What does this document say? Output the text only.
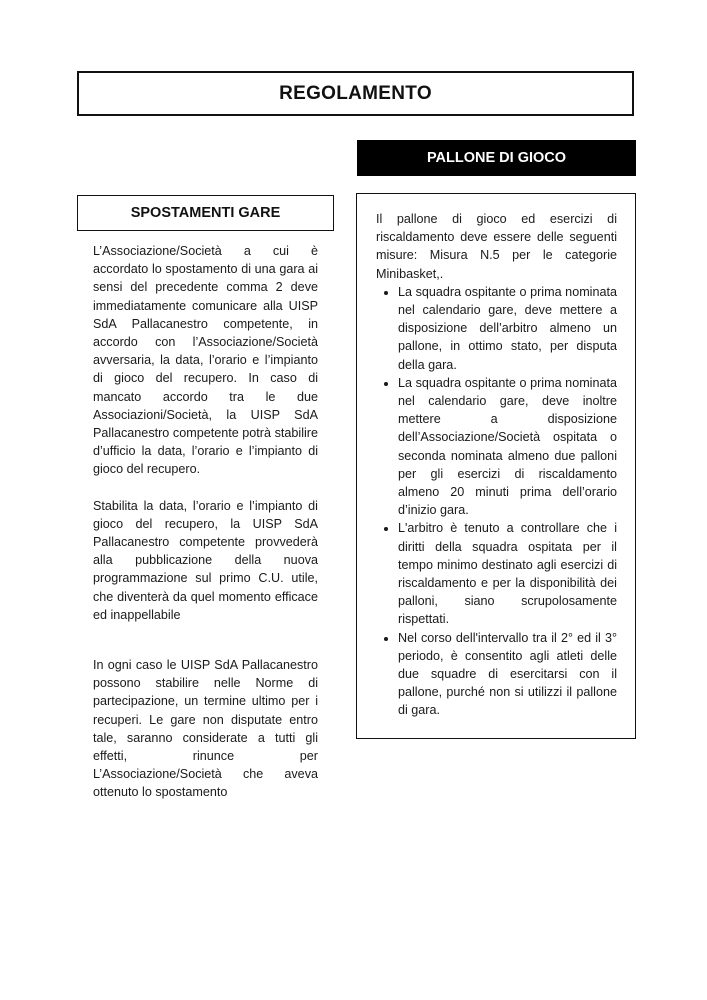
REGOLAMENTO
PALLONE DI GIOCO
SPOSTAMENTI GARE

L’Associazione/Società a cui è accordato lo spostamento di una gara ai sensi del precedente comma 2 deve immediatamente comunicare alla UISP SdA Pallacanestro competente, in accordo con l’Associazione/Società avversaria, la data, l’orario e l’impianto di gioco del recupero. In caso di mancato accordo tra le due Associazioni/Società, la UISP SdA Pallacanestro competente potrà stabilire d’ufficio la data, l’orario e l’impianto di gioco del recupero.

Stabilita la data, l’orario e l’impianto di gioco del recupero, la UISP SdA Pallacanestro competente provvederà alla pubblicazione della nuova programmazione sul primo C.U. utile, che diventerà da quel momento efficace ed inappellabile

In ogni caso le UISP SdA Pallacanestro possono stabilire nelle Norme di partecipazione, un termine ultimo per i recuperi. Le gare non disputate entro tale, saranno considerate a tutti gli effetti, rinunce per L’Associazione/Società che aveva ottenuto lo spostamento

Il pallone di gioco ed esercizi di riscaldamento deve essere delle seguenti misure: Misura N.5 per le categorie Minibasket,.

• La squadra ospitante o prima nominata nel calendario gare, deve mettere a disposizione dell’arbitro almeno un pallone, in ottimo stato, per disputa della gara.
• La squadra ospitante o prima nominata nel calendario gare, deve inoltre mettere a disposizione dell’Associazione/Società ospitata o seconda nominata almeno due palloni per gli esercizi di riscaldamento almeno 20 minuti prima dell’orario d’inizio gara.
• L'arbitro è tenuto a controllare che i diritti della squadra ospitata per il tempo minimo destinato agli esercizi di riscaldamento e per la disponibilità dei palloni, siano scrupolosamente rispettati.
• Nel corso dell'intervallo tra il 2° ed il 3° periodo, è consentito agli atleti delle due squadre di esercitarsi con il pallone, purché non si utilizzi il pallone di gara.
